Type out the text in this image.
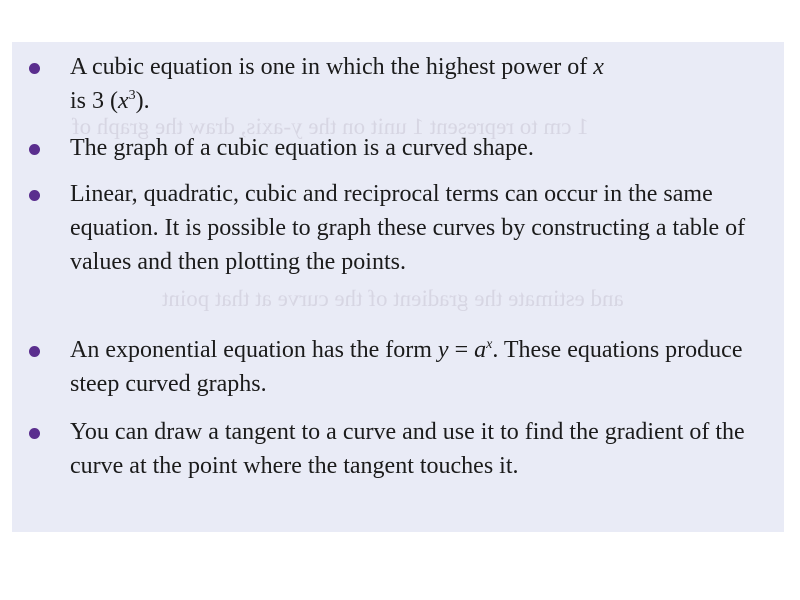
1 cm to represent 1 unit on the y-axis, draw the graph of
and estimate the gradient of the curve at that point
A cubic equation is one in which the highest power of x
is 3 $(x^3)$.
The graph of a cubic equation is a curved shape.
Linear, quadratic, cubic and reciprocal terms can occur in the same equation. It is possible to graph these curves by constructing a table of values and then plotting the points.
An exponential equation has the form $y = a^x$. These equations produce steep curved graphs.
You can draw a tangent to a curve and use it to find the gradient of the curve at the point where the tangent touches it.
